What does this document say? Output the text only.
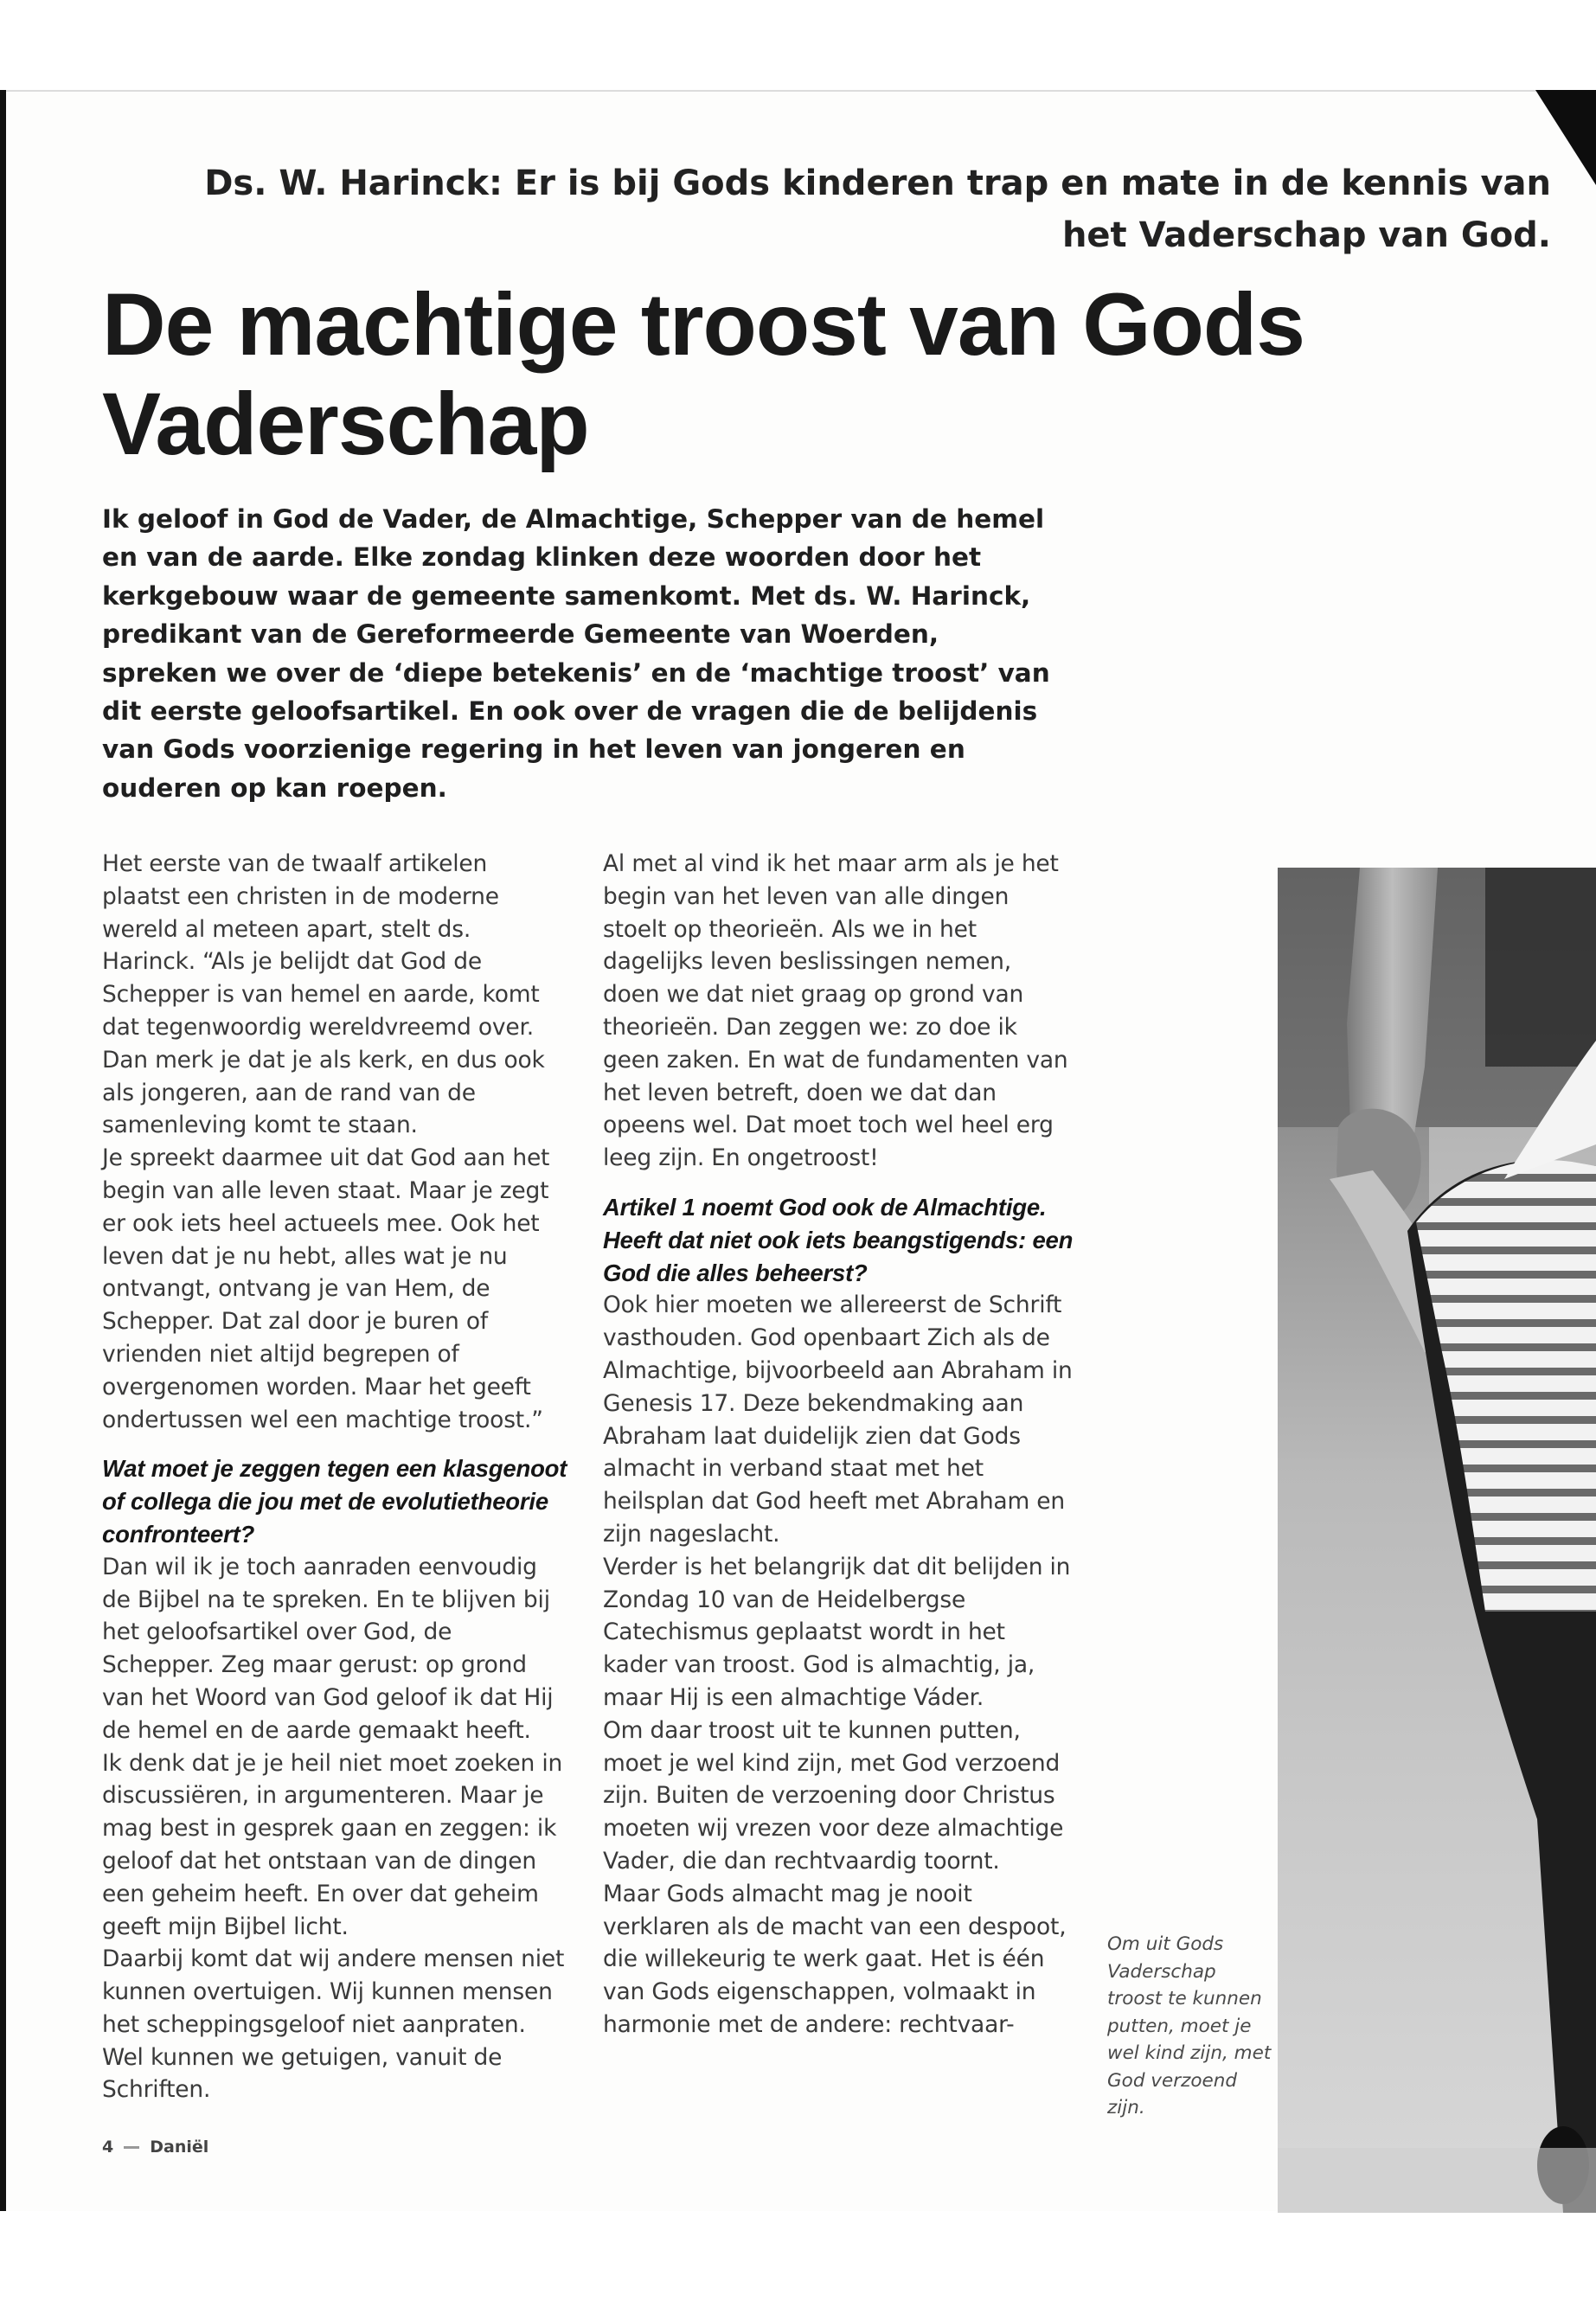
Ds. W. Harinck: Er is bij Gods kinderen trap en mate in de kennis van het Vaderschap van God.
De machtige troost van Gods Vaderschap

Ik geloof in God de Vader, de Almachtige, Schepper van de hemel en van de aarde. Elke zondag klinken deze woorden door het kerkgebouw waar de gemeente samenkomt. Met ds. W. Harinck, predikant van de Gereformeerde Gemeente van Woerden, spreken we over de ‘diepe betekenis’ en de ‘machtige troost’ van dit eerste geloofsartikel. En ook over de vragen die de belijdenis van Gods voorzienige regering in het leven van jongeren en ouderen op kan roepen.

Het eerste van de twaalf artikelen plaatst een christen in de moderne wereld al meteen apart, stelt ds. Harinck. “Als je belijdt dat God de Schepper is van hemel en aarde, komt dat tegenwoordig wereldvreemd over. Dan merk je dat je als kerk, en dus ook als jongeren, aan de rand van de samenleving komt te staan.

Je spreekt daarmee uit dat God aan het begin van alle leven staat. Maar je zegt er ook iets heel actueels mee. Ook het leven dat je nu hebt, alles wat je nu ontvangt, ontvang je van Hem, de Schepper. Dat zal door je buren of vrienden niet altijd begrepen of overgenomen worden. Maar het geeft ondertussen wel een machtige troost.”

Wat moet je zeggen tegen een klasgenoot of collega die jou met de evolutietheorie confronteert?

Dan wil ik je toch aanraden eenvoudig de Bijbel na te spreken. En te blijven bij het geloofsartikel over God, de Schepper. Zeg maar gerust: op grond van het Woord van God geloof ik dat Hij de hemel en de aarde gemaakt heeft.

Ik denk dat je je heil niet moet zoeken in discussiëren, in argumenteren. Maar je mag best in gesprek gaan en zeggen: ik geloof dat het ontstaan van de dingen een geheim heeft. En over dat geheim geeft mijn Bijbel licht.

Daarbij komt dat wij andere mensen niet kunnen overtuigen. Wij kunnen mensen het scheppingsgeloof niet aanpraten. Wel kunnen we getuigen, vanuit de Schriften.

Al met al vind ik het maar arm als je het begin van het leven van alle dingen stoelt op theorieën. Als we in het dagelijks leven beslissingen nemen, doen we dat niet graag op grond van theorieën. Dan zeggen we: zo doe ik geen zaken. En wat de fundamenten van het leven betreft, doen we dat dan opeens wel. Dat moet toch wel heel erg leeg zijn. En ongetroost!

Artikel 1 noemt God ook de Almachtige. Heeft dat niet ook iets beangstigends: een God die alles beheerst?

Ook hier moeten we allereerst de Schrift vasthouden. God openbaart Zich als de Almachtige, bijvoorbeeld aan Abraham in Genesis 17. Deze bekendmaking aan Abraham laat duidelijk zien dat Gods almacht in verband staat met het heilsplan dat God heeft met Abraham en zijn nageslacht.

Verder is het belangrijk dat dit belijden in Zondag 10 van de Heidelbergse Catechismus geplaatst wordt in het kader van troost. God is almachtig, ja, maar Hij is een almachtige Váder.

Om daar troost uit te kunnen putten, moet je wel kind zijn, met God verzoend zijn. Buiten de verzoening door Christus moeten wij vrezen voor deze almachtige Vader, die dan rechtvaardig toornt.

Maar Gods almacht mag je nooit verklaren als de macht van een despoot, die willekeurig te werk gaat. Het is één van Gods eigenschappen, volmaakt in harmonie met de andere: rechtvaar-

Om uit Gods Vaderschap troost te kunnen putten, moet je wel kind zijn, met God verzoend zijn.

4 Daniël
